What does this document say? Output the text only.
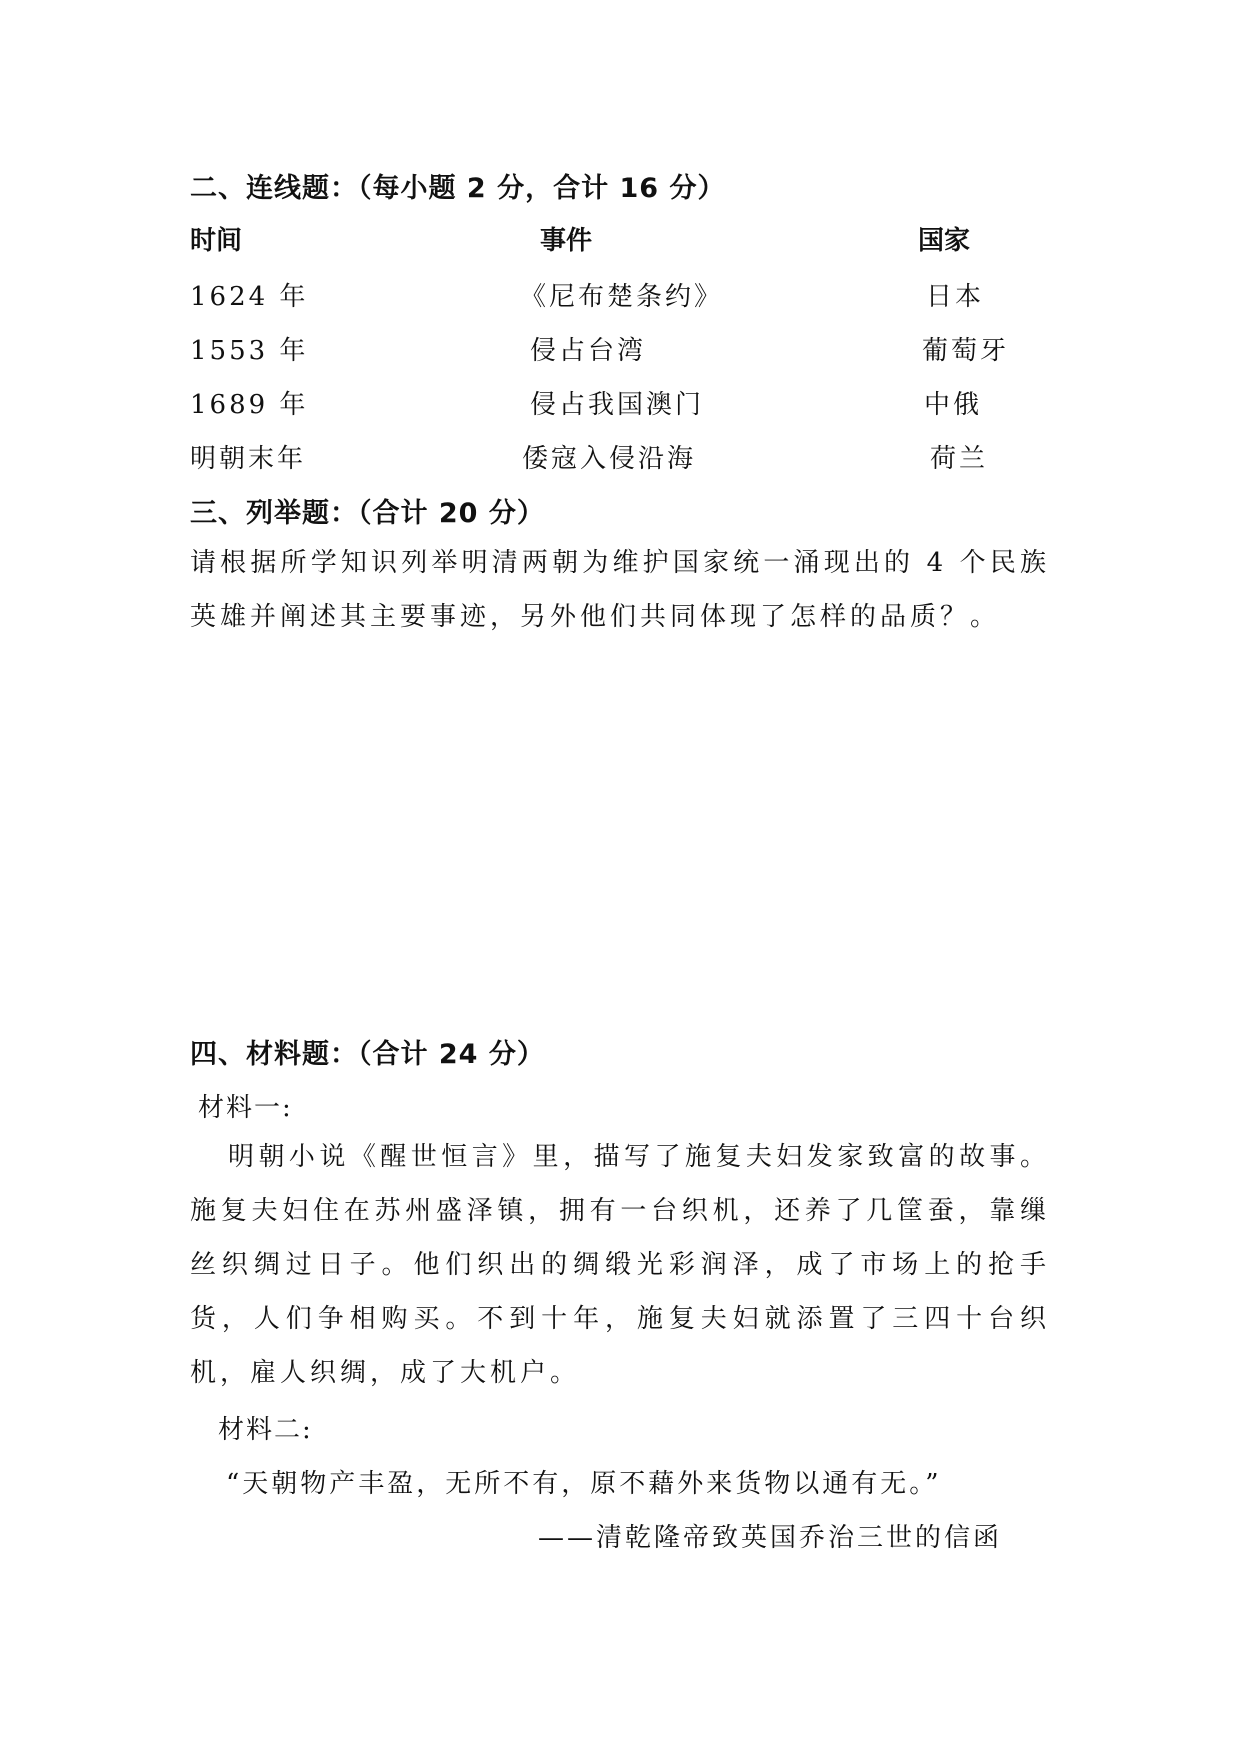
二、连线题：（每小题 2 分，合计 16 分）
时间	事件	国家
1624 年	《尼布楚条约》	日本
1553 年	侵占台湾	葡萄牙
1689 年	侵占我国澳门	中俄
明朝末年	倭寇入侵沿海	荷兰
三、列举题：（合计 20 分）
请根据所学知识列举明清两朝为维护国家统一涌现出的 4 个民族英雄并阐述其主要事迹，另外他们共同体现了怎样的品质？。
四、材料题：（合计 24 分）
材料一:
明朝小说《醒世恒言》里，描写了施复夫妇发家致富的故事。施复夫妇住在苏州盛泽镇，拥有一台织机，还养了几筐蚕，靠缫丝织绸过日子。他们织出的绸缎光彩润泽，成了市场上的抢手货，人们争相购买。不到十年，施复夫妇就添置了三四十台织机，雇人织绸，成了大机户。
材料二:
“天朝物产丰盈，无所不有，原不藉外来货物以通有无。”
——清乾隆帝致英国乔治三世的信函
